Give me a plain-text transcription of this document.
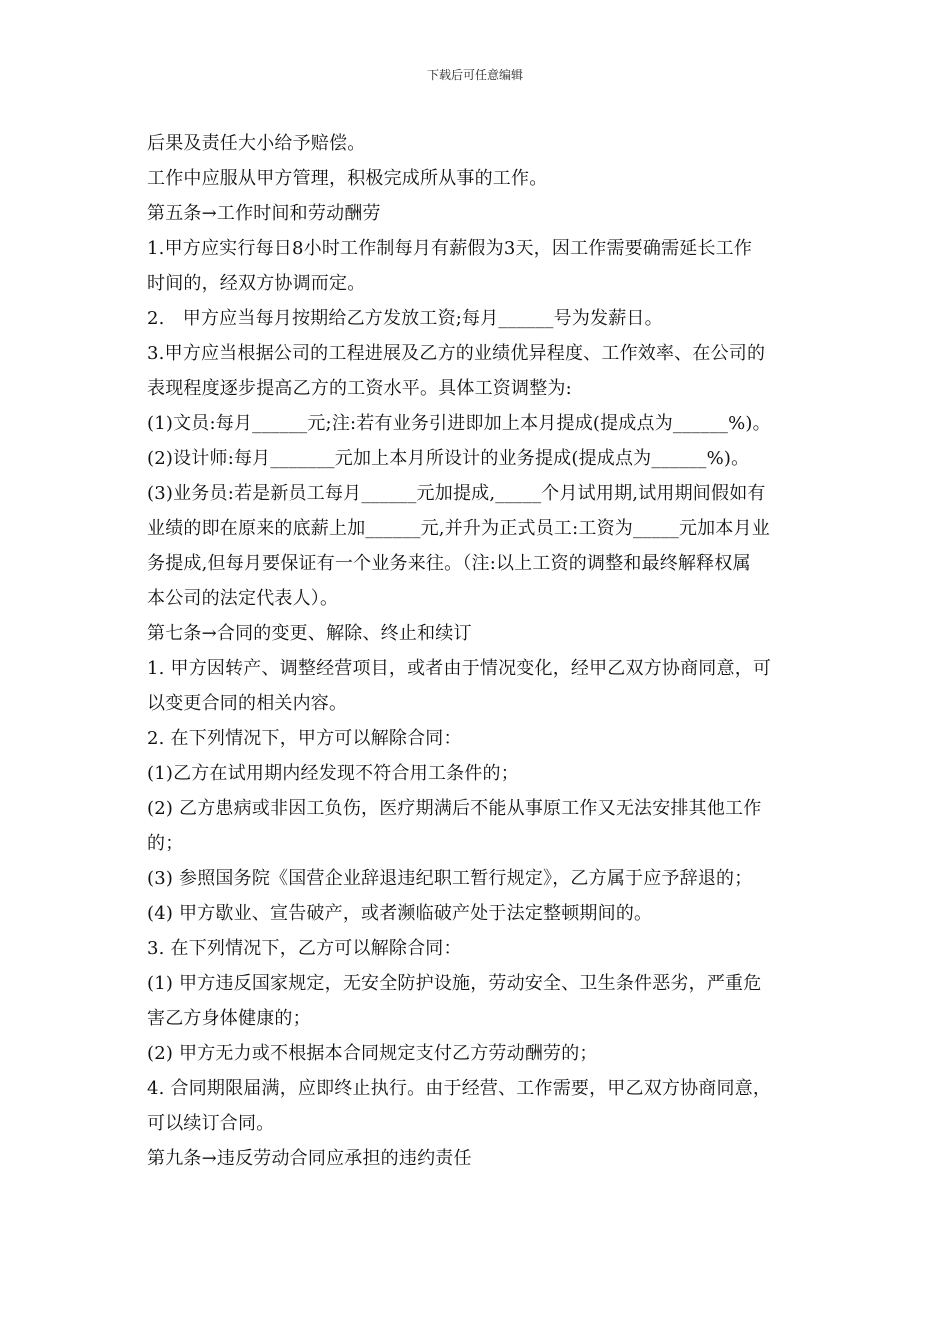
下载后可任意编辑
后果及责任大小给予赔偿。
工作中应服从甲方管理，积极完成所从事的工作。
第五条→工作时间和劳动酬劳
1.甲方应实行每日8小时工作制每月有薪假为3天，因工作需要确需延长工作
时间的，经双方协调而定。
2.　甲方应当每月按期给乙方发放工资;每月______号为发薪日。
3.甲方应当根据公司的工程进展及乙方的业绩优异程度、工作效率、在公司的
表现程度逐步提高乙方的工资水平。具体工资调整为:
(1)文员:每月______元;注:若有业务引进即加上本月提成(提成点为______%)。
(2)设计师:每月_______元加上本月所设计的业务提成(提成点为______%)。
(3)业务员:若是新员工每月______元加提成,_____个月试用期,试用期间假如有
业绩的即在原来的底薪上加______元,并升为正式员工:工资为_____元加本月业
务提成,但每月要保证有一个业务来往。（注:以上工资的调整和最终解释权属
本公司的法定代表人）。
第七条→合同的变更、解除、终止和续订
1. 甲方因转产、调整经营项目，或者由于情况变化，经甲乙双方协商同意，可
以变更合同的相关内容。
2. 在下列情况下，甲方可以解除合同：
(1)乙方在试用期内经发现不符合用工条件的；
(2) 乙方患病或非因工负伤，医疗期满后不能从事原工作又无法安排其他工作
的；
(3) 参照国务院《国营企业辞退违纪职工暂行规定》，乙方属于应予辞退的；
(4) 甲方歇业、宣告破产，或者濒临破产处于法定整顿期间的。
3. 在下列情况下，乙方可以解除合同：
(1) 甲方违反国家规定，无安全防护设施，劳动安全、卫生条件恶劣，严重危
害乙方身体健康的；
(2) 甲方无力或不根据本合同规定支付乙方劳动酬劳的；
4. 合同期限届满，应即终止执行。由于经营、工作需要，甲乙双方协商同意，
可以续订合同。
第九条→违反劳动合同应承担的违约责任
